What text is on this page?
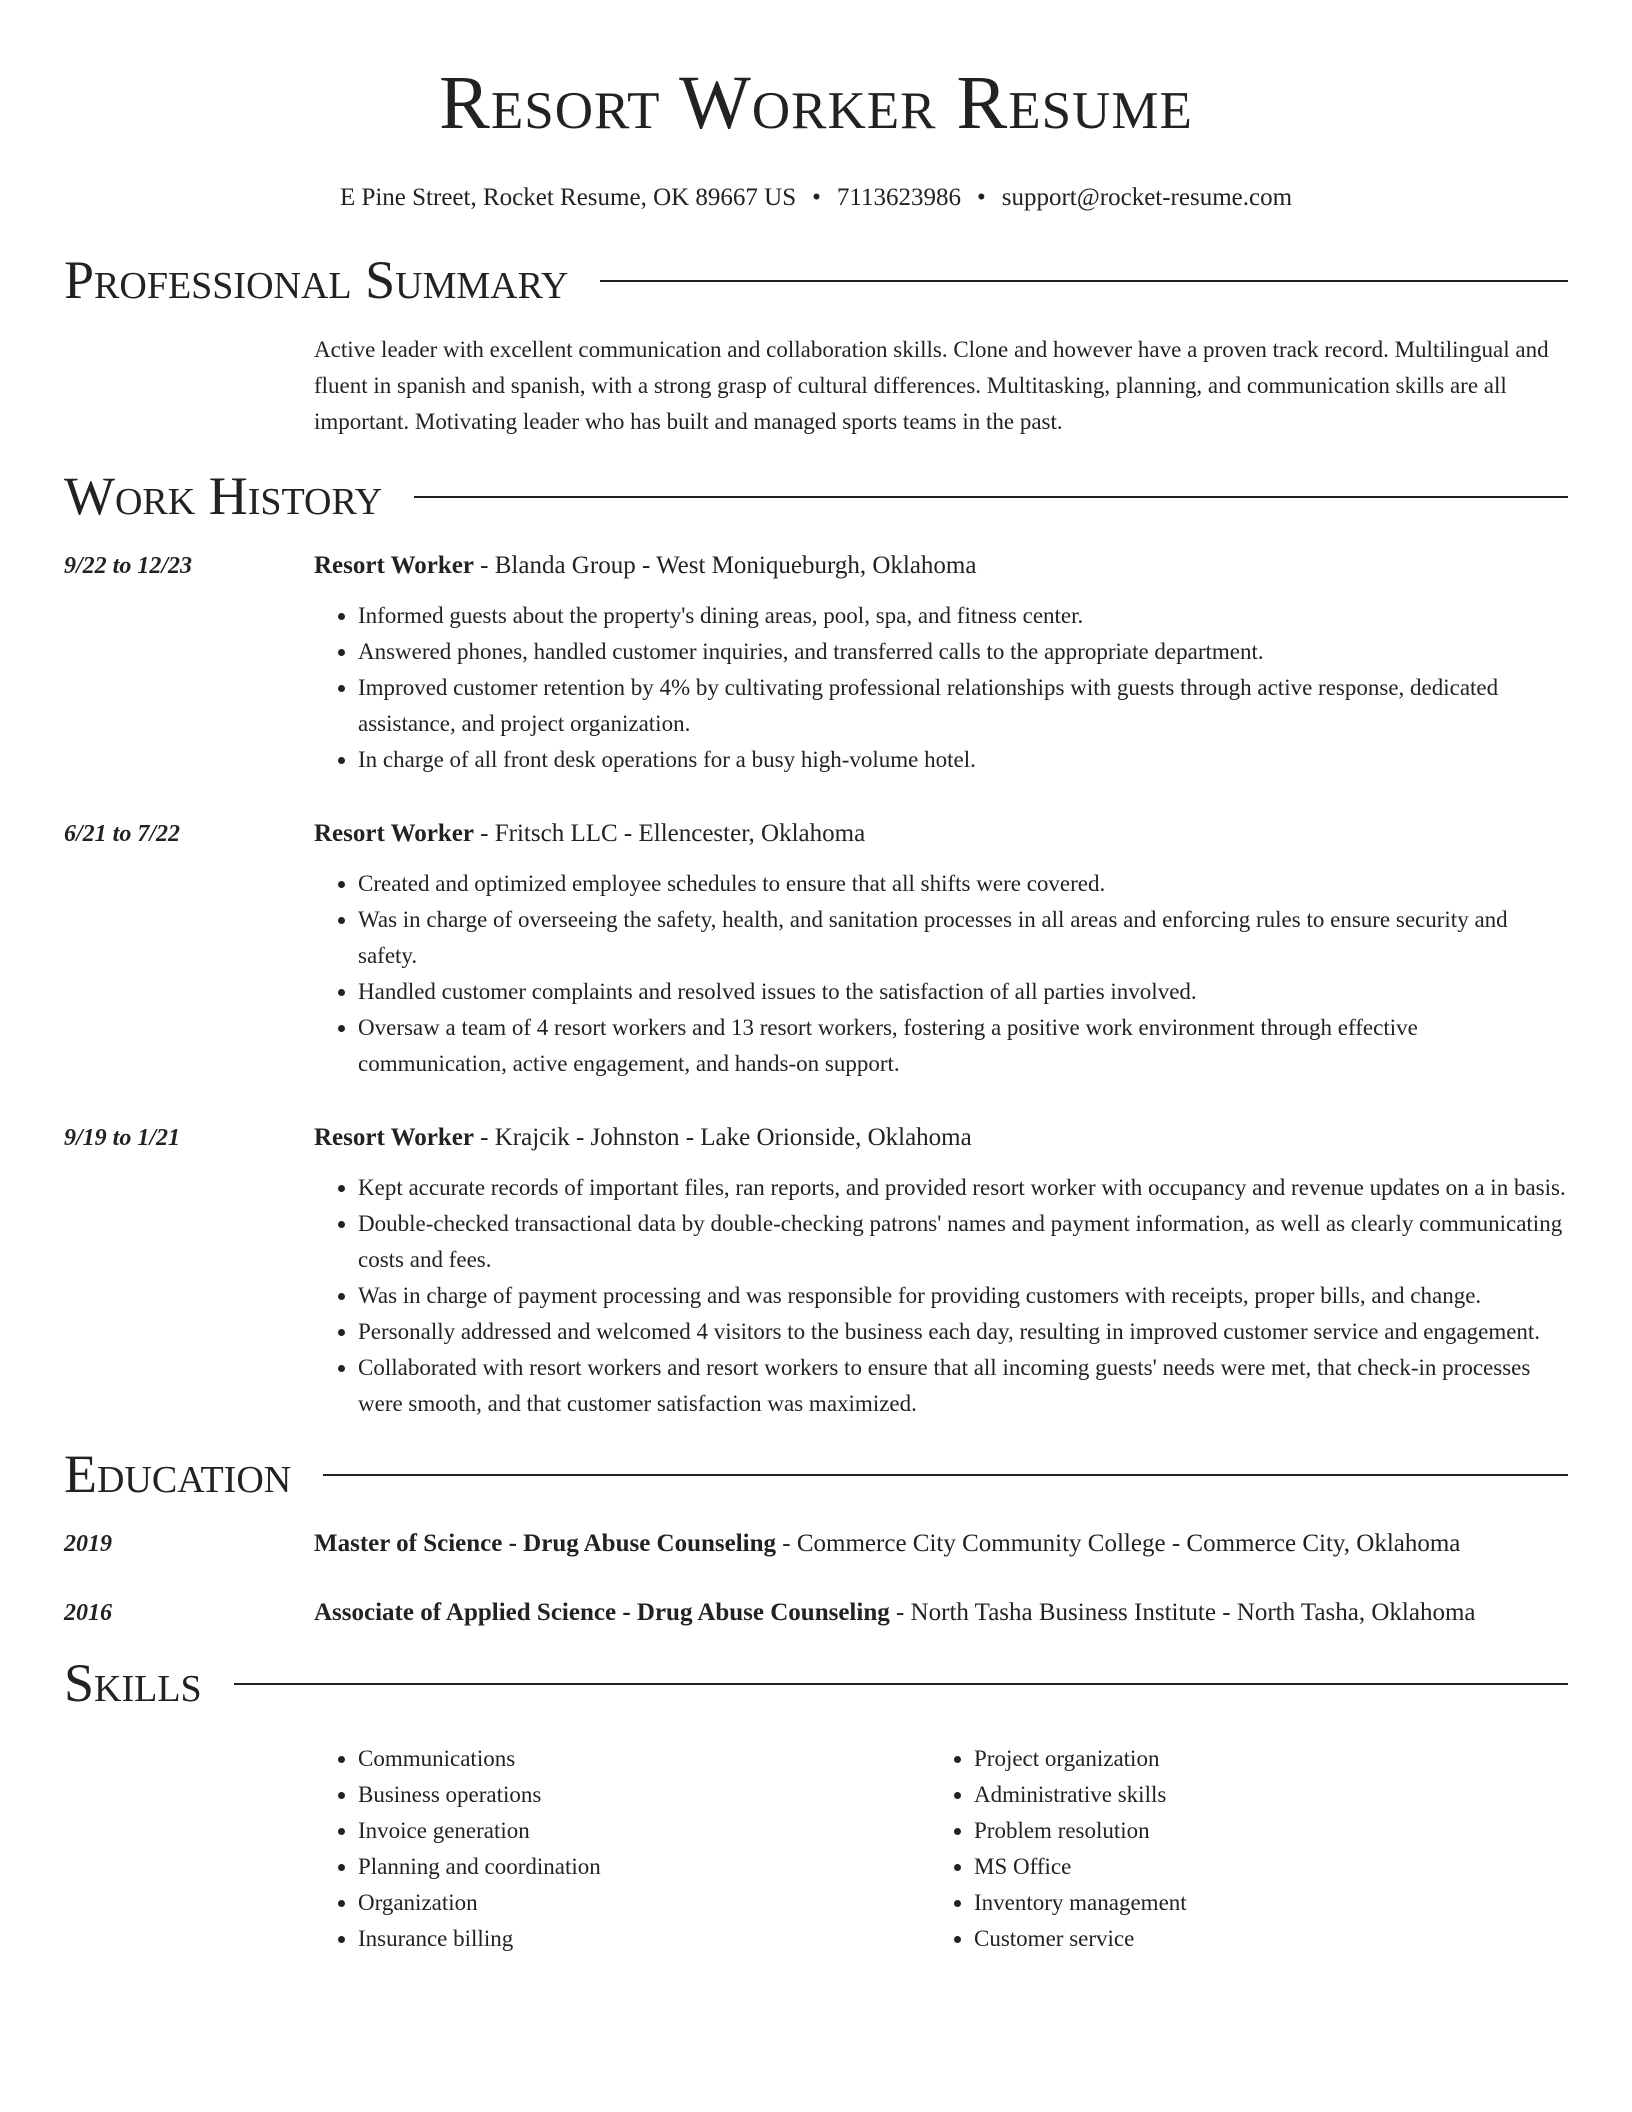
Resort Worker Resume
E Pine Street, Rocket Resume, OK 89667 US • 7113623986 • support@rocket-resume.com
Professional Summary
Active leader with excellent communication and collaboration skills. Clone and however have a proven track record. Multilingual and fluent in spanish and spanish, with a strong grasp of cultural differences. Multitasking, planning, and communication skills are all important. Motivating leader who has built and managed sports teams in the past.
Work History
9/22 to 12/23	Resort Worker - Blanda Group - West Moniqueburgh, Oklahoma
• Informed guests about the property's dining areas, pool, spa, and fitness center.
• Answered phones, handled customer inquiries, and transferred calls to the appropriate department.
• Improved customer retention by 4% by cultivating professional relationships with guests through active response, dedicated assistance, and project organization.
• In charge of all front desk operations for a busy high-volume hotel.
6/21 to 7/22	Resort Worker - Fritsch LLC - Ellencester, Oklahoma
• Created and optimized employee schedules to ensure that all shifts were covered.
• Was in charge of overseeing the safety, health, and sanitation processes in all areas and enforcing rules to ensure security and safety.
• Handled customer complaints and resolved issues to the satisfaction of all parties involved.
• Oversaw a team of 4 resort workers and 13 resort workers, fostering a positive work environment through effective communication, active engagement, and hands-on support.
9/19 to 1/21	Resort Worker - Krajcik - Johnston - Lake Orionside, Oklahoma
• Kept accurate records of important files, ran reports, and provided resort worker with occupancy and revenue updates on a in basis.
• Double-checked transactional data by double-checking patrons' names and payment information, as well as clearly communicating costs and fees.
• Was in charge of payment processing and was responsible for providing customers with receipts, proper bills, and change.
• Personally addressed and welcomed 4 visitors to the business each day, resulting in improved customer service and engagement.
• Collaborated with resort workers and resort workers to ensure that all incoming guests' needs were met, that check-in processes were smooth, and that customer satisfaction was maximized.
Education
2019	Master of Science - Drug Abuse Counseling - Commerce City Community College - Commerce City, Oklahoma
2016	Associate of Applied Science - Drug Abuse Counseling - North Tasha Business Institute - North Tasha, Oklahoma
Skills
• Communications
• Business operations
• Invoice generation
• Planning and coordination
• Organization
• Insurance billing
• Project organization
• Administrative skills
• Problem resolution
• MS Office
• Inventory management
• Customer service
